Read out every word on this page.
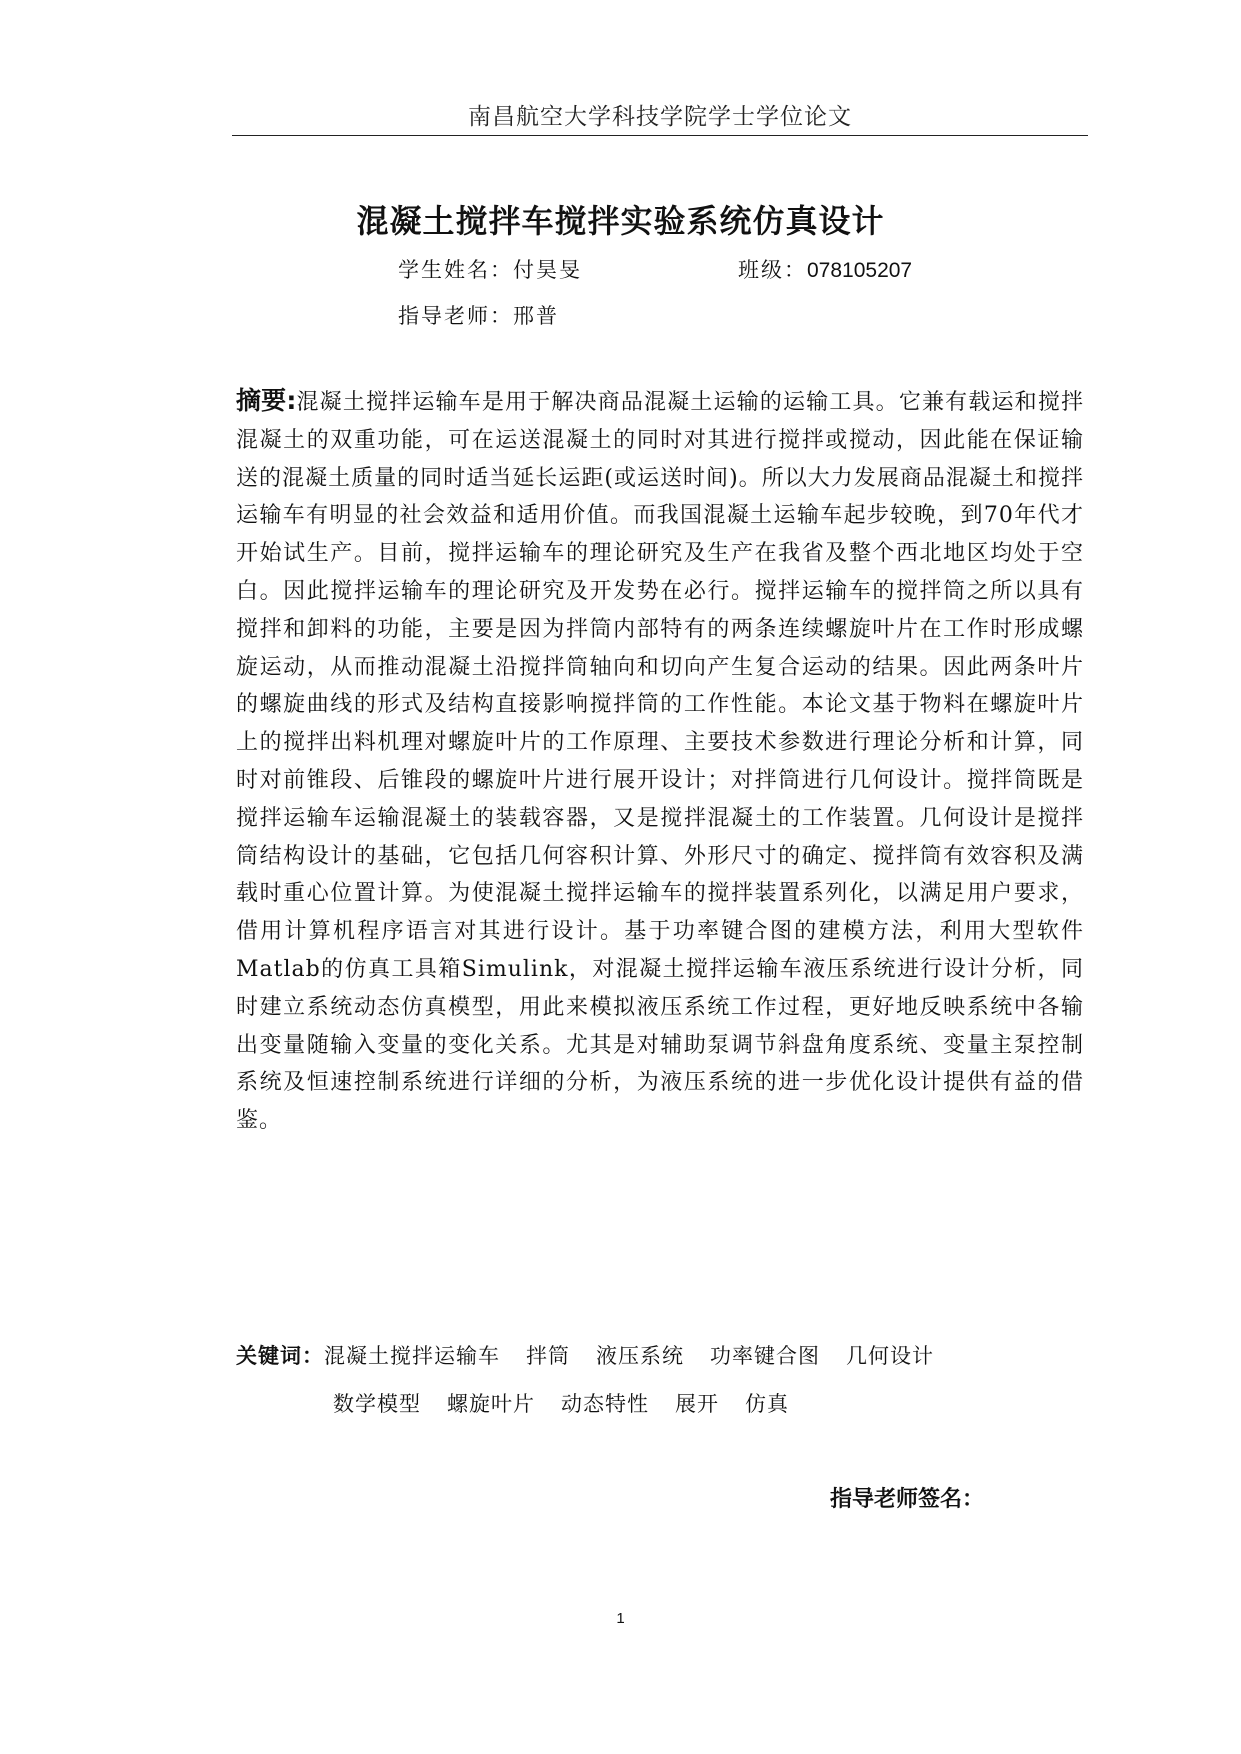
南昌航空大学科技学院学士学位论文
混凝土搅拌车搅拌实验系统仿真设计
学生姓名：付昊旻	班级：078105207
指导老师：邢普
摘要:混凝土搅拌运输车是用于解决商品混凝土运输的运输工具。它兼有载运和搅拌混凝土的双重功能，可在运送混凝土的同时对其进行搅拌或搅动，因此能在保证输送的混凝土质量的同时适当延长运距(或运送时间)。所以大力发展商品混凝土和搅拌运输车有明显的社会效益和适用价值。而我国混凝土运输车起步较晚，到70年代才开始试生产。目前，搅拌运输车的理论研究及生产在我省及整个西北地区均处于空白。因此搅拌运输车的理论研究及开发势在必行。搅拌运输车的搅拌筒之所以具有搅拌和卸料的功能，主要是因为拌筒内部特有的两条连续螺旋叶片在工作时形成螺旋运动，从而推动混凝土沿搅拌筒轴向和切向产生复合运动的结果。因此两条叶片的螺旋曲线的形式及结构直接影响搅拌筒的工作性能。本论文基于物料在螺旋叶片上的搅拌出料机理对螺旋叶片的工作原理、主要技术参数进行理论分析和计算，同时对前锥段、后锥段的螺旋叶片进行展开设计；对拌筒进行几何设计。搅拌筒既是搅拌运输车运输混凝土的装载容器，又是搅拌混凝土的工作装置。几何设计是搅拌筒结构设计的基础，它包括几何容积计算、外形尺寸的确定、搅拌筒有效容积及满载时重心位置计算。为使混凝土搅拌运输车的搅拌装置系列化，以满足用户要求，借用计算机程序语言对其进行设计。基于功率键合图的建模方法，利用大型软件Matlab的仿真工具箱Simulink，对混凝土搅拌运输车液压系统进行设计分析，同时建立系统动态仿真模型，用此来模拟液压系统工作过程，更好地反映系统中各输出变量随输入变量的变化关系。尤其是对辅助泵调节斜盘角度系统、变量主泵控制系统及恒速控制系统进行详细的分析，为液压系统的进一步优化设计提供有益的借鉴。
关键词：混凝土搅拌运输车 拌筒 液压系统 功率键合图 几何设计
数学模型 螺旋叶片 动态特性 展开 仿真
指导老师签名：
1
